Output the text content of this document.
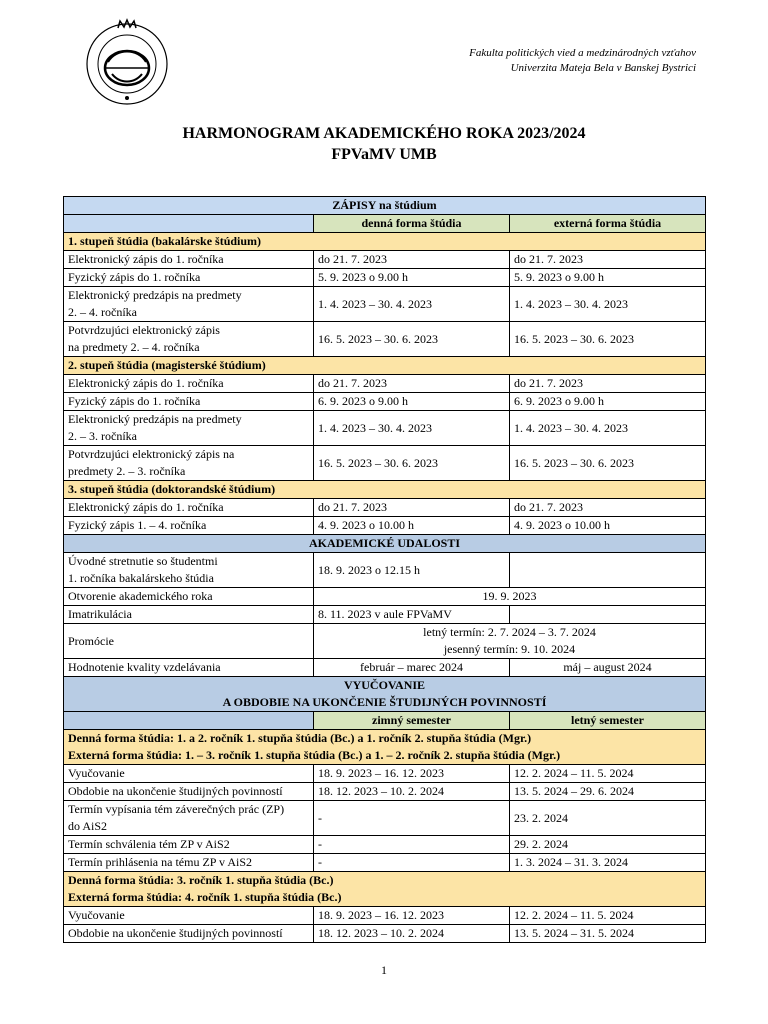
Fakulta politických vied a medzinárodných vzťahov
Univerzita Mateja Bela v Banskej Bystrici
HARMONOGRAM AKADEMICKÉHO ROKA 2023/2024
FPVaMV UMB
ZÁPISY na štúdium		
	denná forma štúdia	externá forma štúdia
1. stupeň štúdia (bakalárske štúdium)		
Elektronický zápis do 1. ročníka	do 21. 7. 2023	do 21. 7. 2023
Fyzický zápis do 1. ročníka	5. 9. 2023 o 9.00 h	5. 9. 2023 o 9.00 h

Elektronický predzápis na predmety
2. – 4. ročníka	1. 4. 2023 – 30. 4. 2023	1. 4. 2023 – 30. 4. 2023

Potvrdzujúci elektronický zápis
na predmety 2. – 4. ročníka	16. 5. 2023 – 30. 6. 2023	16. 5. 2023 – 30. 6. 2023
2. stupeň štúdia (magisterské štúdium)		
Elektronický zápis do 1. ročníka	do 21. 7. 2023	do 21. 7. 2023
Fyzický zápis do 1. ročníka	6. 9. 2023 o 9.00 h	6. 9. 2023 o 9.00 h

Elektronický predzápis na predmety
2. – 3. ročníka	1. 4. 2023 – 30. 4. 2023	1. 4. 2023 – 30. 4. 2023

Potvrdzujúci elektronický zápis na
predmety 2. – 3. ročníka	16. 5. 2023 – 30. 6. 2023	16. 5. 2023 – 30. 6. 2023
3. stupeň štúdia (doktorandské štúdium)		
Elektronický zápis do 1. ročníka	do 21. 7. 2023	do 21. 7. 2023
Fyzický zápis 1. – 4. ročníka	4. 9. 2023 o 10.00 h	4. 9. 2023 o 10.00 h
AKADEMICKÉ UDALOSTI		

Úvodné stretnutie so študentmi
1. ročníka bakalárskeho štúdia	18. 9. 2023 o 12.15 h	
Otvorenie akademického roka	19. 9. 2023	
Imatrikulácia	8. 11. 2023 v aule FPVaMV	
Promócie	letný termín: 2. 7. 2024 – 3. 7. 2024
jesenný termín: 9. 10. 2024	

Hodnotenie kvality vzdelávania	február – marec 2024	máj – august 2024

VYUČOVANIE
A OBDOBIE NA UKONČENIE ŠTUDIJNÝCH POVINNOSTÍ		

	zimný semester	letný semester

Denná forma štúdia: 1. a 2. ročník 1. stupňa štúdia (Bc.) a 1. ročník 2. stupňa štúdia (Mgr.)
Externá forma štúdia: 1. – 3. ročník 1. stupňa štúdia (Bc.) a 1. – 2. ročník 2. stupňa štúdia (Mgr.)		

Vyučovanie	18. 9. 2023 – 16. 12. 2023	12. 2. 2024 – 11. 5. 2024
Obdobie na ukončenie študijných povinností	18. 12. 2023 – 10. 2. 2024	13. 5. 2024 – 29. 6. 2024

Termín vypísania tém záverečných prác (ZP)
do AiS2	-	23. 2. 2024
Termín schválenia tém ZP v AiS2	-	29. 2. 2024
Termín prihlásenia na tému ZP v AiS2	-	1. 3. 2024 – 31. 3. 2024

Denná forma štúdia: 3. ročník 1. stupňa štúdia (Bc.)
Externá forma štúdia: 4. ročník 1. stupňa štúdia (Bc.)		

Vyučovanie	18. 9. 2023 – 16. 12. 2023	12. 2. 2024 – 11. 5. 2024
Obdobie na ukončenie študijných povinností	18. 12. 2023 – 10. 2. 2024	13. 5. 2024 – 31. 5. 2024
1
